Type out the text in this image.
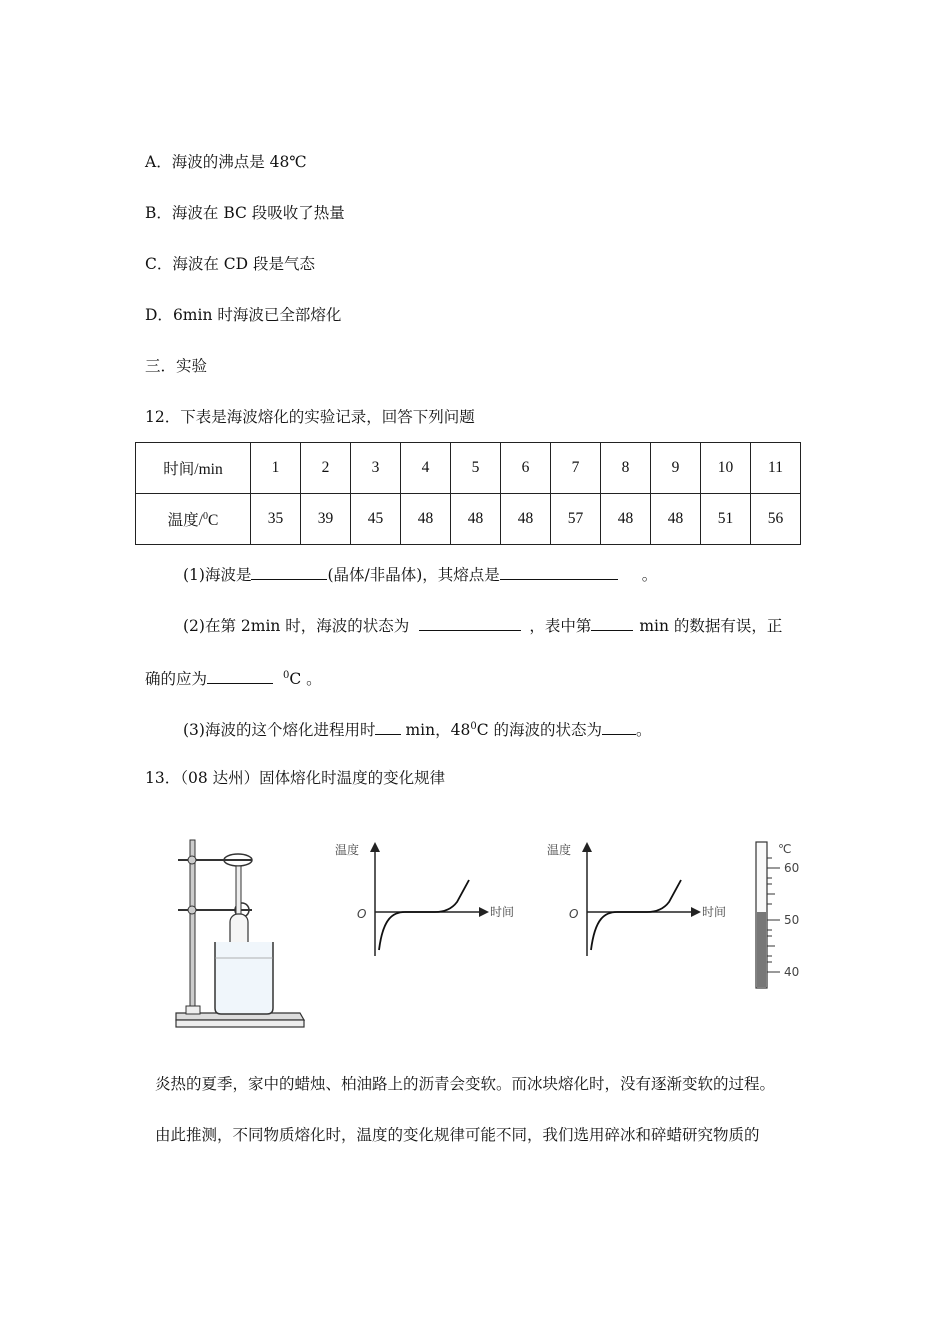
A．海波的沸点是 48℃
B．海波在 BC 段吸收了热量
C．海波在 CD 段是气态
D．6min 时海波已全部熔化
三．实验
12．下表是海波熔化的实验记录，回答下列问题
时间/min	1	2	3	4	5	6	7	8	9	10	11
温度/$^0$C	35	39	45	48	48	48	57	48	48	51	56
(1)海波是	(晶体/非晶体)，其熔点是	。
(2)在第 2min 时，海波的状态为	，表中第	min 的数据有误，正
确的应为	$^0$C 。
(3)海波的这个熔化进程用时 min，$48^0C$ 的海波的状态为 。
13．（08 达州）固体熔化时温度的变化规律
温度
O	时间
温度
O	时间
℃
60
50
40
炎热的夏季，家中的蜡烛、柏油路上的沥青会变软。而冰块熔化时，没有逐渐变软的过程。
由此推测，不同物质熔化时，温度的变化规律可能不同，我们选用碎冰和碎蜡研究物质的
